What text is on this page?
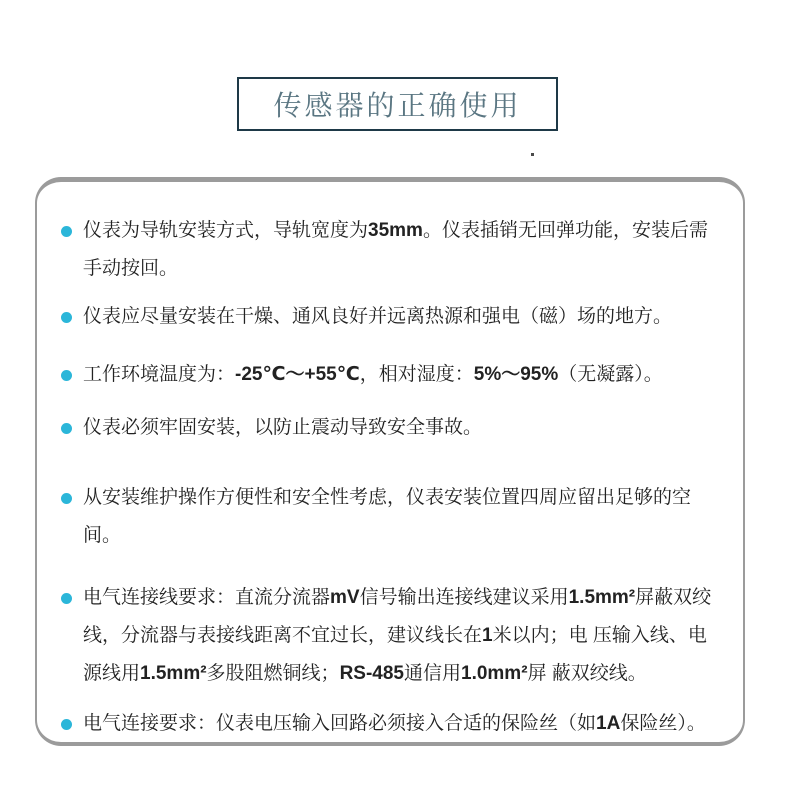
传感器的正确使用
仪表为导轨安装方式，导轨宽度为35mm。仪表插销无回弹功能，安装后需手动按回。
仪表应尽量安装在干燥、通风良好并远离热源和强电（磁）场的地方。
工作环境温度为：-25℃～+55℃，相对湿度：5%～95%（无凝露）。
仪表必须牢固安装，以防止震动导致安全事故。
从安装维护操作方便性和安全性考虑，仪表安装位置四周应留出足够的空间。
电气连接线要求：直流分流器mV信号输出连接线建议采用1.5mm²屏蔽双绞线，分流器与表接线距离不宜过长，建议线长在1米以内；电 压输入线、电源线用1.5mm²多股阻燃铜线；RS-485通信用1.0mm²屏 蔽双绞线。
电气连接要求：仪表电压输入回路必须接入合适的保险丝（如1A保险丝）。
